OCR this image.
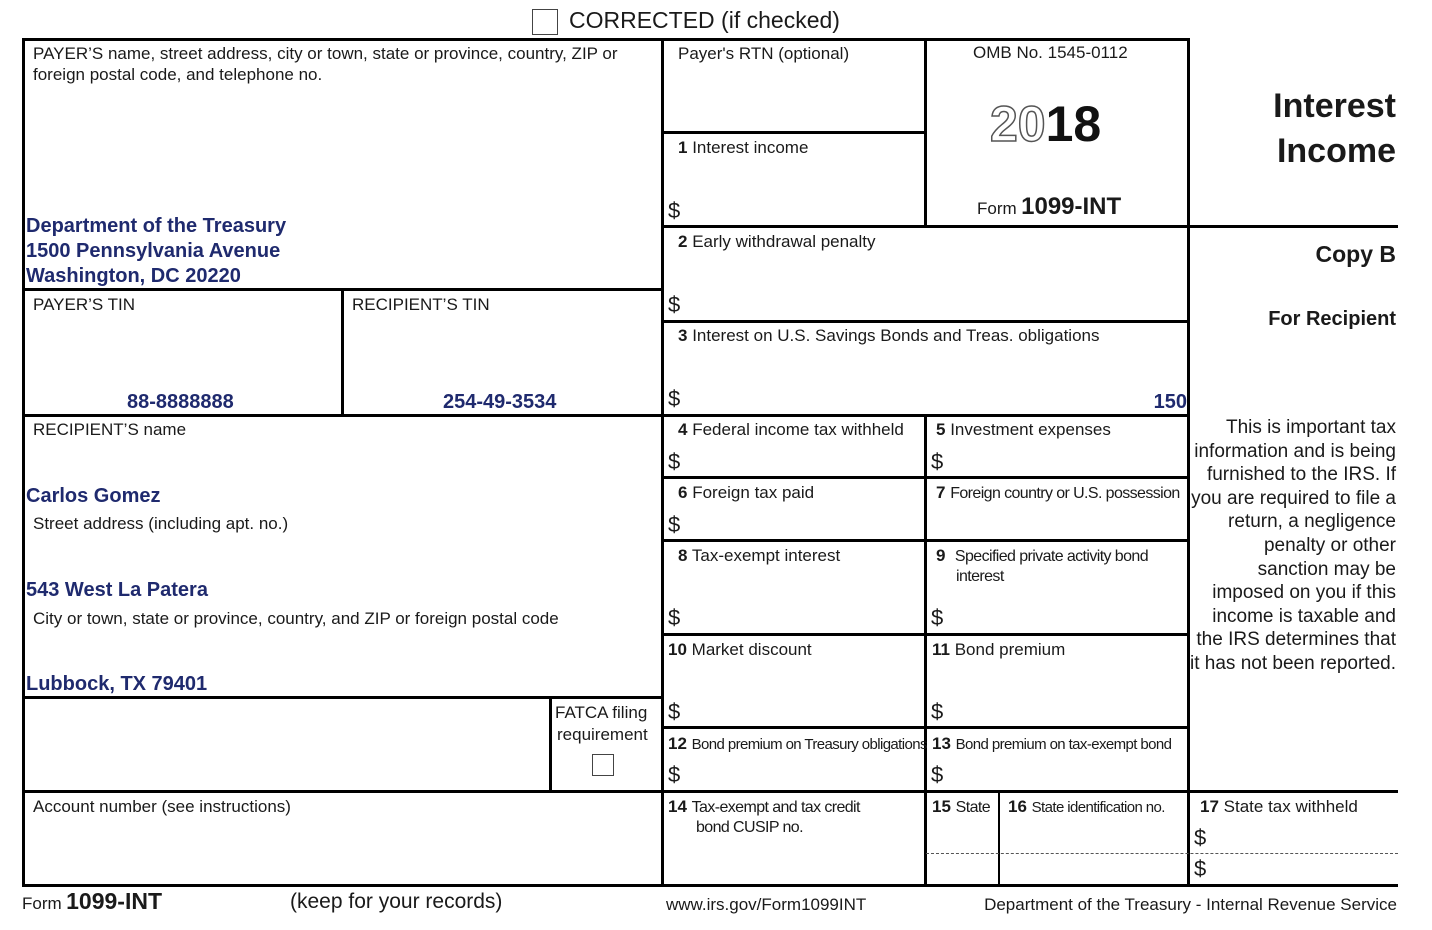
CORRECTED (if checked)
PAYER’S name, street address, city or town, state or province, country, ZIP or foreign postal code, and telephone no.
Department of the Treasury
1500 Pennsylvania Avenue
Washington, DC 20220
PAYER’S TIN
88-8888888
RECIPIENT’S TIN
254-49-3534
RECIPIENT’S name
Carlos Gomez
Street address (including apt. no.)
543 West La Patera
City or town, state or province, country, and ZIP or foreign postal code
Lubbock, TX 79401
FATCA filing
requirement
Account number (see instructions)
Payer's RTN (optional)	OMB No. 1545-0112
2018
Form 1099-INT
Interest
Income
Copy B
For Recipient
This is important tax information and is being furnished to the IRS. If you are required to file a return, a negligence penalty or other sanction may be imposed on you if this income is taxable and the IRS determines that it has not been reported.
1 Interest income
$
2 Early withdrawal penalty
$
3 Interest on U.S. Savings Bonds and Treas. obligations
$	150
4 Federal income tax withheld
$
5 Investment expenses
$
6 Foreign tax paid
$
7 Foreign country or U.S. possession
8 Tax-exempt interest
$
9 Specified private activity bond
interest
$
10 Market discount
$
11 Bond premium
$
12 Bond premium on Treasury obligations
$
13 Bond premium on tax-exempt bond
$
14 Tax-exempt and tax credit
bond CUSIP no.
15 State 16 State identification no. 17 State tax withheld
$
$
Form 1099-INT	(keep for your records)	www.irs.gov/Form1099INT	Department of the Treasury - Internal Revenue Service
